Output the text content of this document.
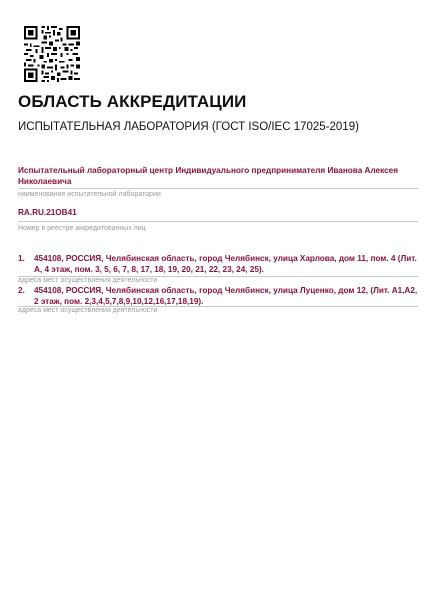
ОБЛАСТЬ АККРЕДИТАЦИИ
ИСПЫТАТЕЛЬНАЯ ЛАБОРАТОРИЯ (ГОСТ ISO/IEC 17025-2019)
Испытательный лабораторный центр Индивидуального предпринимателя Иванова Алексея Николаевича
наименование испытательной лаборатории
RA.RU.21ОВ41
Номер в реестре аккредитованных лиц
1. 454108, РОССИЯ, Челябинская область, город Челябинск, улица Харлова, дом 11, пом. 4 (Лит. А, 4 этаж, пом. 3, 5, 6, 7, 8, 17, 18, 19, 20, 21, 22, 23, 24, 25).
адреса мест осуществления деятельности
2. 454108, РОССИЯ, Челябинская область, город Челябинск, улица Луценко, дом 12, (Лит. А1,А2, 2 этаж, пом. 2,3,4,5,7,8,9,10,12,16,17,18,19).
адреса мест осуществления деятельности
